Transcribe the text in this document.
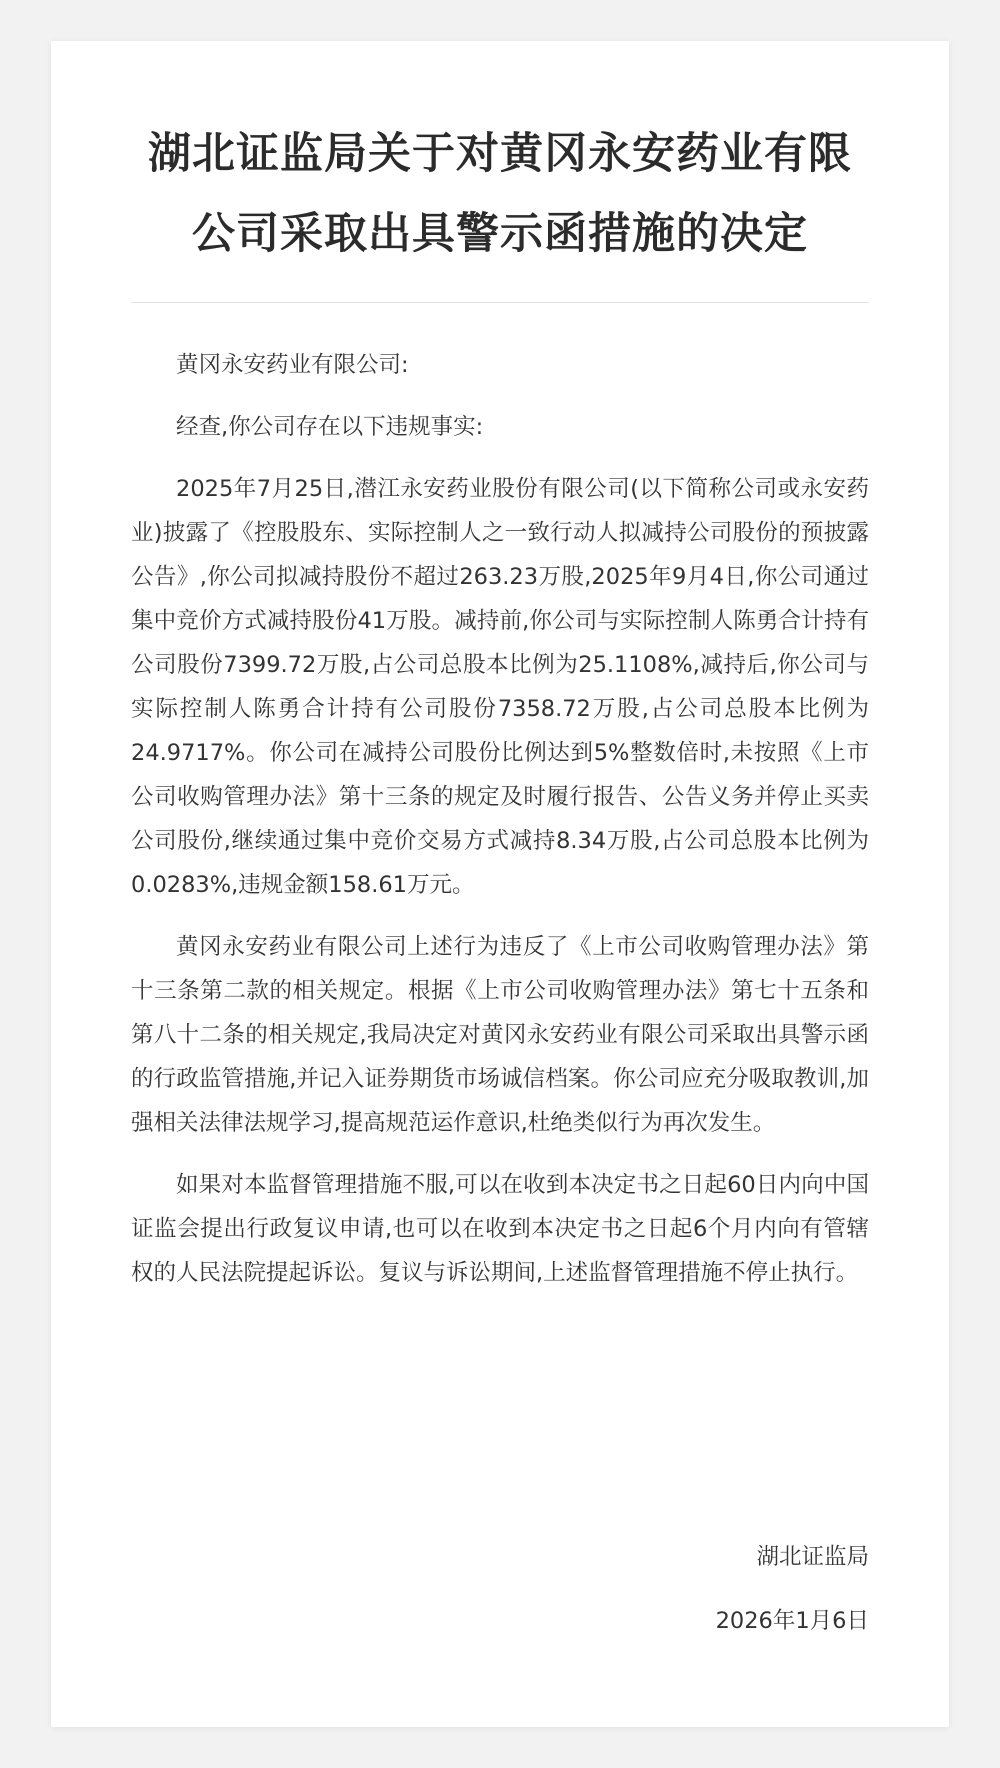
湖北证监局关于对黄冈永安药业有限
公司采取出具警示函措施的决定

黄冈永安药业有限公司:

经查,你公司存在以下违规事实:

2025年7月25日,潜江永安药业股份有限公司(以下简称公司或永安药业)披露了《控股股东、实际控制人之一致行动人拟减持公司股份的预披露公告》,你公司拟减持股份不超过263.23万股,2025年9月4日,你公司通过集中竞价方式减持股份41万股。减持前,你公司与实际控制人陈勇合计持有公司股份7399.72万股,占公司总股本比例为25.1108%,减持后,你公司与实际控制人陈勇合计持有公司股份7358.72万股,占公司总股本比例为24.9717%。你公司在减持公司股份比例达到5%整数倍时,未按照《上市公司收购管理办法》第十三条的规定及时履行报告、公告义务并停止买卖公司股份,继续通过集中竞价交易方式减持8.34万股,占公司总股本比例为0.0283%,违规金额158.61万元。

黄冈永安药业有限公司上述行为违反了《上市公司收购管理办法》第十三条第二款的相关规定。根据《上市公司收购管理办法》第七十五条和第八十二条的相关规定,我局决定对黄冈永安药业有限公司采取出具警示函的行政监管措施,并记入证券期货市场诚信档案。你公司应充分吸取教训,加强相关法律法规学习,提高规范运作意识,杜绝类似行为再次发生。

如果对本监督管理措施不服,可以在收到本决定书之日起60日内向中国证监会提出行政复议申请,也可以在收到本决定书之日起6个月内向有管辖权的人民法院提起诉讼。复议与诉讼期间,上述监督管理措施不停止执行。

湖北证监局
2026年1月6日
